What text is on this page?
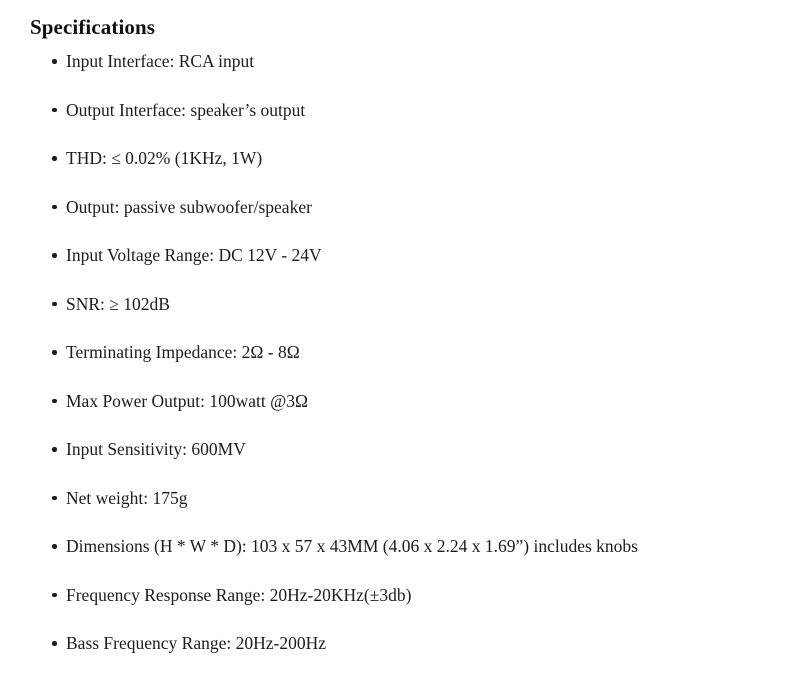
Specifications
Input Interface: RCA input
Output Interface: speaker’s output
THD: ≤ 0.02% (1KHz, 1W)
Output: passive subwoofer/speaker
Input Voltage Range: DC 12V - 24V
SNR: ≥ 102dB
Terminating Impedance: 2Ω - 8Ω
Max Power Output: 100watt @3Ω
Input Sensitivity: 600MV
Net weight: 175g
Dimensions (H * W * D): 103 x 57 x 43MM (4.06 x 2.24 x 1.69”) includes knobs
Frequency Response Range: 20Hz-20KHz(±3db)
Bass Frequency Range: 20Hz-200Hz
